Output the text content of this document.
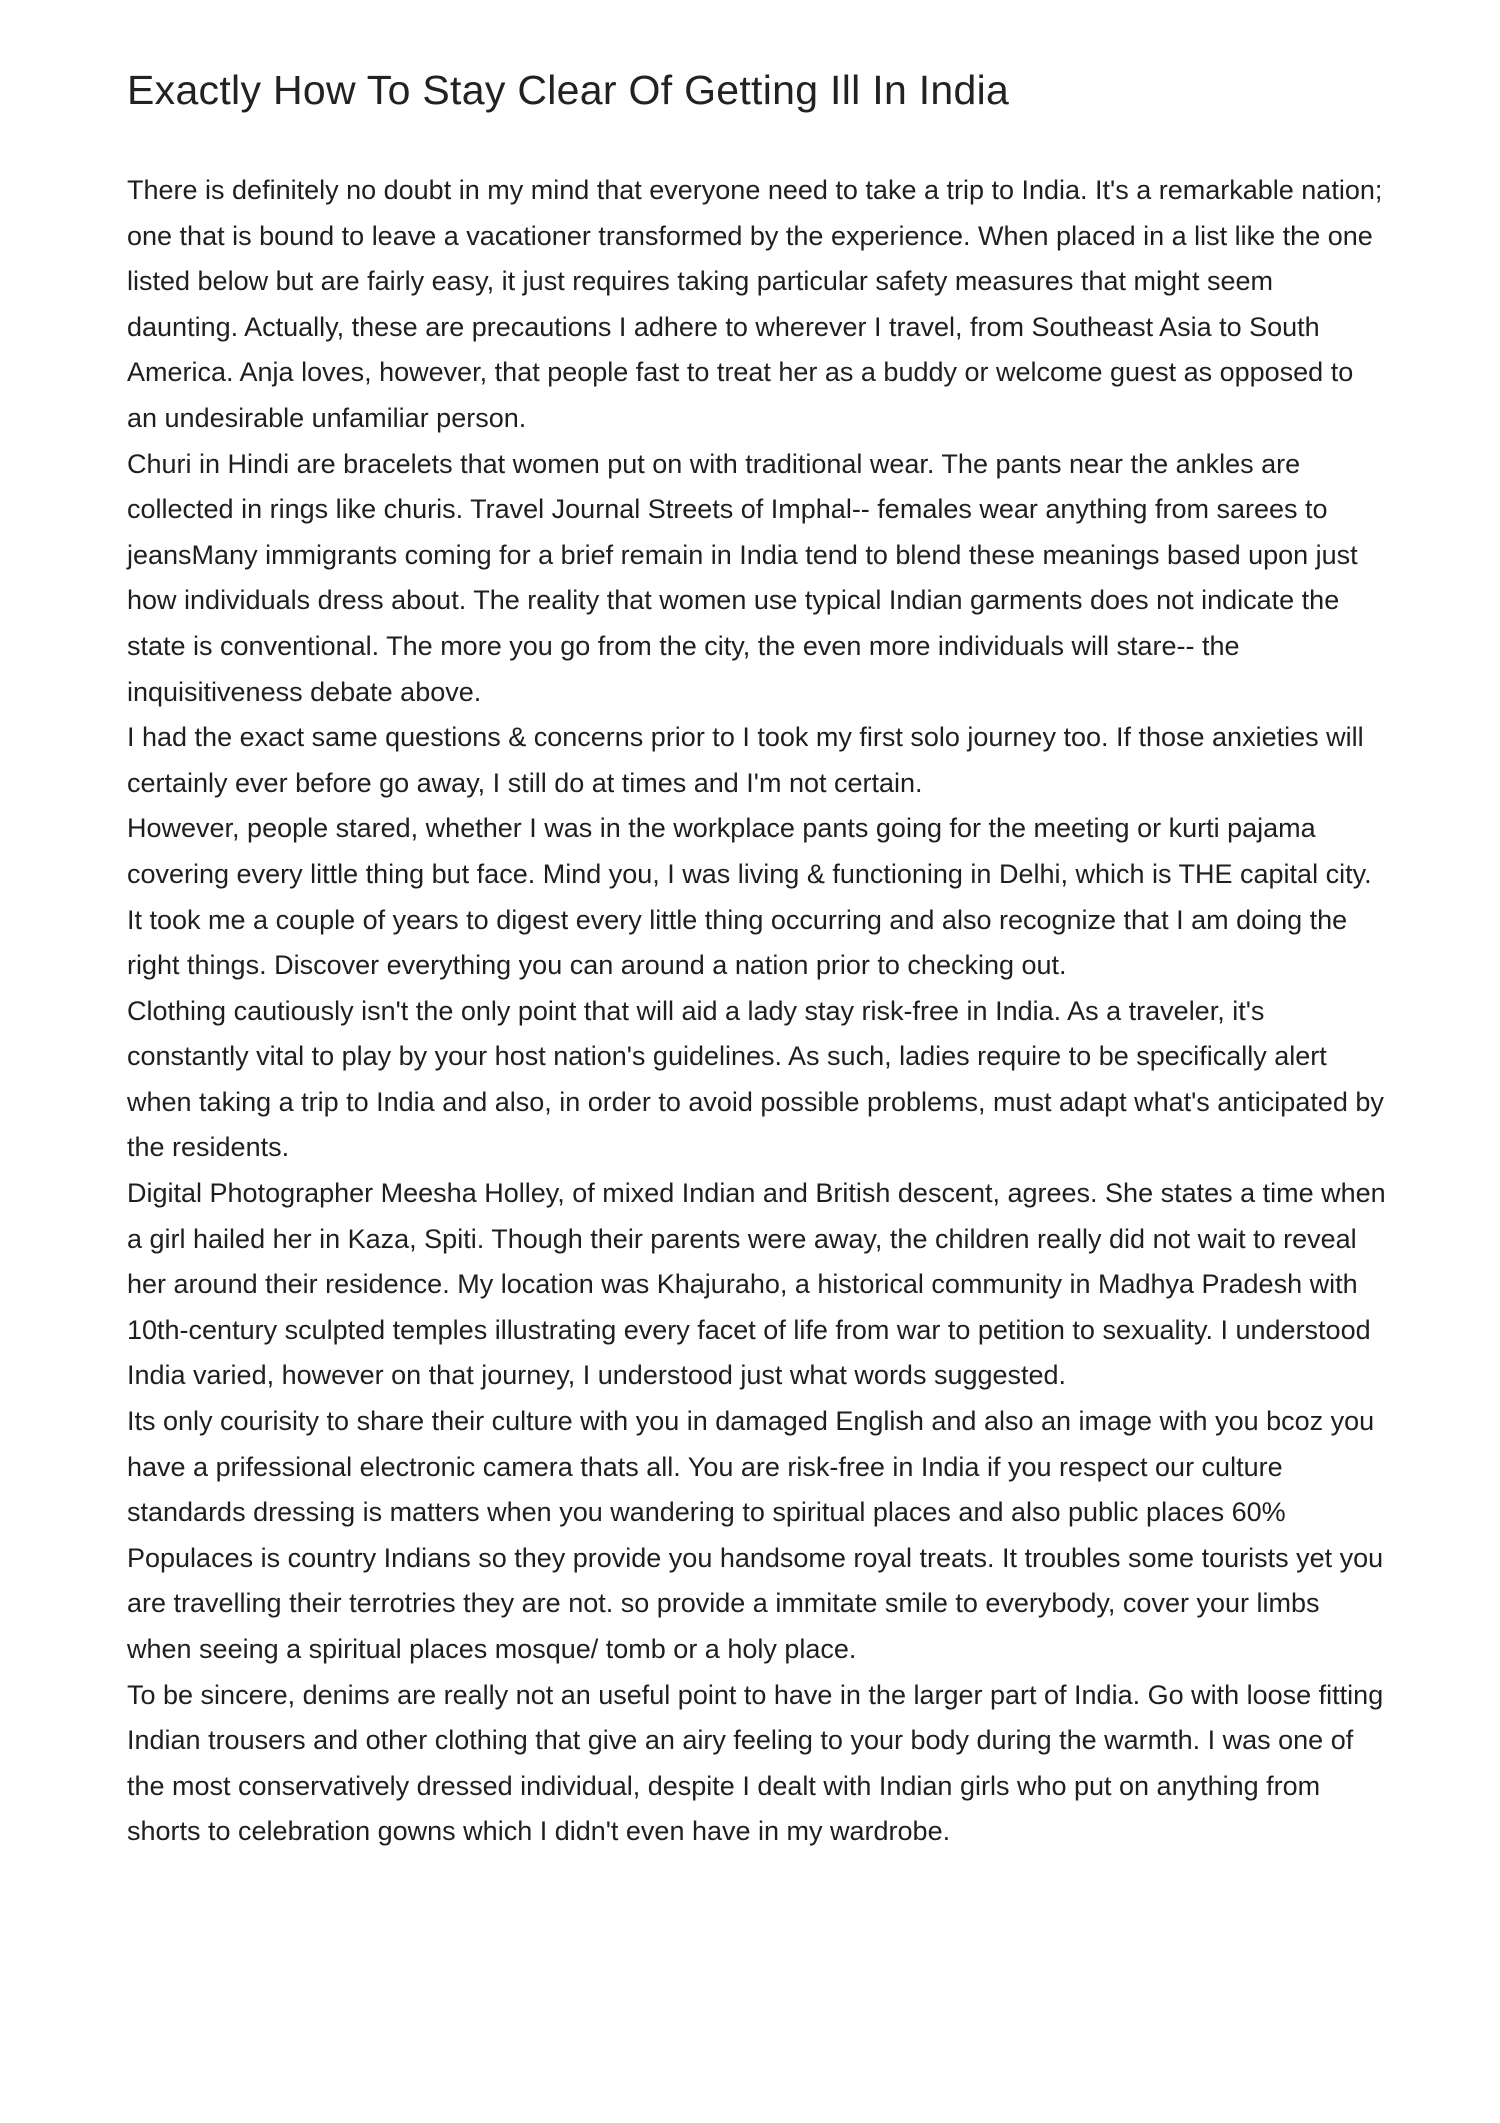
Exactly How To Stay Clear Of Getting Ill In India

There is definitely no doubt in my mind that everyone need to take a trip to India. It's a remarkable nation; one that is bound to leave a vacationer transformed by the experience. When placed in a list like the one listed below but are fairly easy, it just requires taking particular safety measures that might seem daunting. Actually, these are precautions I adhere to wherever I travel, from Southeast Asia to South America. Anja loves, however, that people fast to treat her as a buddy or welcome guest as opposed to an undesirable unfamiliar person.

Churi in Hindi are bracelets that women put on with traditional wear. The pants near the ankles are collected in rings like churis. Travel Journal Streets of Imphal-- females wear anything from sarees to jeansMany immigrants coming for a brief remain in India tend to blend these meanings based upon just how individuals dress about. The reality that women use typical Indian garments does not indicate the state is conventional. The more you go from the city, the even more individuals will stare-- the inquisitiveness debate above.

I had the exact same questions & concerns prior to I took my first solo journey too. If those anxieties will certainly ever before go away, I still do at times and I'm not certain.

However, people stared, whether I was in the workplace pants going for the meeting or kurti pajama covering every little thing but face. Mind you, I was living & functioning in Delhi, which is THE capital city. It took me a couple of years to digest every little thing occurring and also recognize that I am doing the right things. Discover everything you can around a nation prior to checking out.

Clothing cautiously isn't the only point that will aid a lady stay risk-free in India. As a traveler, it's constantly vital to play by your host nation's guidelines. As such, ladies require to be specifically alert when taking a trip to India and also, in order to avoid possible problems, must adapt what's anticipated by the residents.

Digital Photographer Meesha Holley, of mixed Indian and British descent, agrees. She states a time when a girl hailed her in Kaza, Spiti. Though their parents were away, the children really did not wait to reveal her around their residence. My location was Khajuraho, a historical community in Madhya Pradesh with 10th-century sculpted temples illustrating every facet of life from war to petition to sexuality. I understood India varied, however on that journey, I understood just what words suggested.

Its only courisity to share their culture with you in damaged English and also an image with you bcoz you have a prifessional electronic camera thats all. You are risk-free in India if you respect our culture standards dressing is matters when you wandering to spiritual places and also public places 60% Populaces is country Indians so they provide you handsome royal treats. It troubles some tourists yet you are travelling their terrotries they are not. so provide a immitate smile to everybody, cover your limbs when seeing a spiritual places mosque/ tomb or a holy place.

To be sincere, denims are really not an useful point to have in the larger part of India. Go with loose fitting Indian trousers and other clothing that give an airy feeling to your body during the warmth. I was one of the most conservatively dressed individual, despite I dealt with Indian girls who put on anything from shorts to celebration gowns which I didn't even have in my wardrobe.
